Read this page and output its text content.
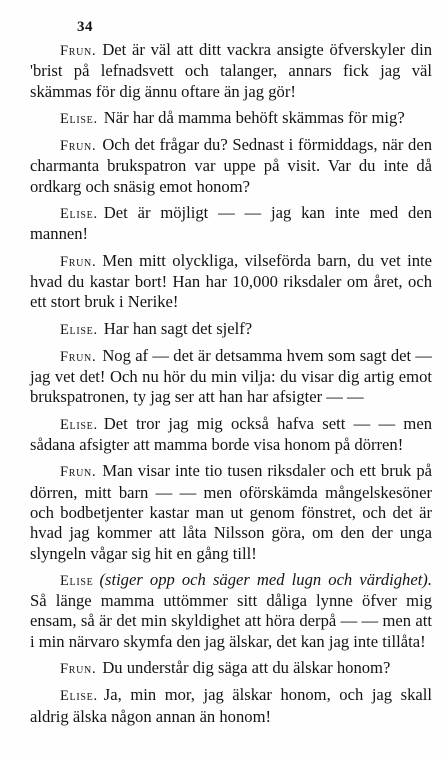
34

Frun. Det är väl att ditt vackra ansigte öfverskyler din 'brist på lefnadsvett och talanger, annars fick jag väl skämmas för dig ännu oftare än jag gör!

Elise. När har då mamma behöft skämmas för mig?

Frun. Och det frågar du? Sednast i förmiddags, när den charmanta brukspatron var uppe på visit. Var du inte då ordkarg och snäsig emot honom?

Elise. Det är möjligt — — jag kan inte med den mannen!

Frun. Men mitt olyckliga, vilseförda barn, du vet inte hvad du kastar bort! Han har 10,000 riksdaler om året, och ett stort bruk i Nerike!

Elise. Har han sagt det sjelf?

Frun. Nog af — det är detsamma hvem som sagt det — jag vet det! Och nu hör du min vilja: du visar dig artig emot brukspatronen, ty jag ser att han har afsigter — —

Elise. Det tror jag mig också hafva sett — — men sådana afsigter att mamma borde visa honom på dörren!

Frun. Man visar inte tio tusen riksdaler och ett bruk på dörren, mitt barn — — men oförskämda mångelskesöner och bodbetjenter kastar man ut genom fönstret, och det är hvad jag kommer att låta Nilsson göra, om den der unga slyngeln vågar sig hit en gång till!

Elise (stiger opp och säger med lugn och värdighet). Så länge mamma uttömmer sitt dåliga lynne öfver mig ensam, så är det min skyldighet att höra derpå — — men att i min närvaro skymfa den jag älskar, det kan jag inte tillåta!

Frun. Du understår dig säga att du älskar honom?

Elise. Ja, min mor, jag älskar honom, och jag skall aldrig älska någon annan än honom!
